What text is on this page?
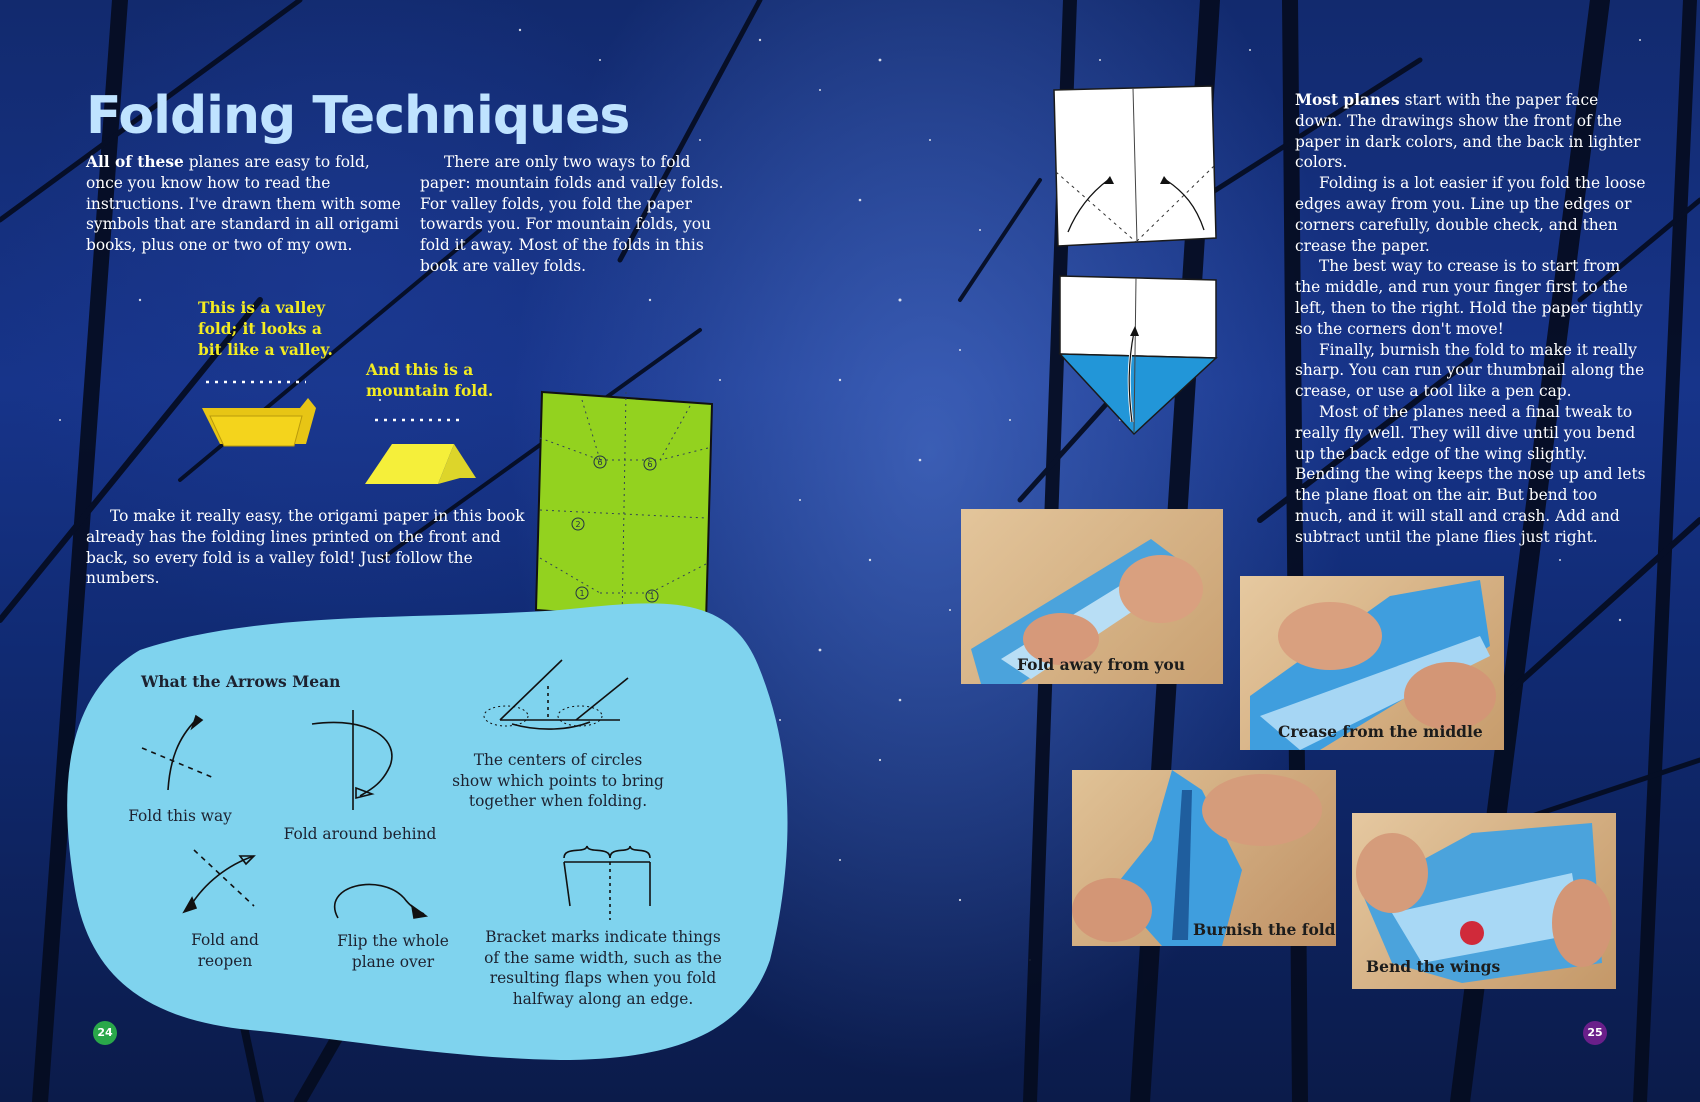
Folding Techniques

All of these planes are easy to fold, once you know how to read the instructions. I've drawn them with some symbols that are standard in all origami books, plus one or two of my own.

There are only two ways to fold paper: mountain folds and valley folds. For valley folds, you fold the paper towards you. For mountain folds, you fold it away. Most of the folds in this book are valley folds.

This is a valley fold; it looks a bit like a valley.
And this is a mountain fold.

To make it really easy, the origami paper in this book already has the folding lines printed on the front and back, so every fold is a valley fold! Just follow the numbers.

6	6
2
1	1
What the Arrows Mean
Fold this way
Fold around behind
The centers of circles show which points to bring together when folding.
Fold and reopen
Flip the whole plane over
Bracket marks indicate things of the same width, such as the resulting flaps when you fold halfway along an edge.
24

Most planes start with the paper face down. The drawings show the front of the paper in dark colors, and the back in lighter colors.

Folding is a lot easier if you fold the loose edges away from you. Line up the edges or corners carefully, double check, and then crease the paper.

The best way to crease is to start from the middle, and run your finger first to the left, then to the right. Hold the paper tightly so the corners don't move!

Finally, burnish the fold to make it really sharp. You can run your thumbnail along the crease, or use a tool like a pen cap.

Most of the planes need a final tweak to really fly well. They will dive until you bend up the back edge of the wing slightly. Bending the wing keeps the nose up and lets the plane float on the air. But bend too much, and it will stall and crash. Add and subtract until the plane flies just right.

Fold away from you
Crease from the middle
Burnish the fold
Bend the wings
25
